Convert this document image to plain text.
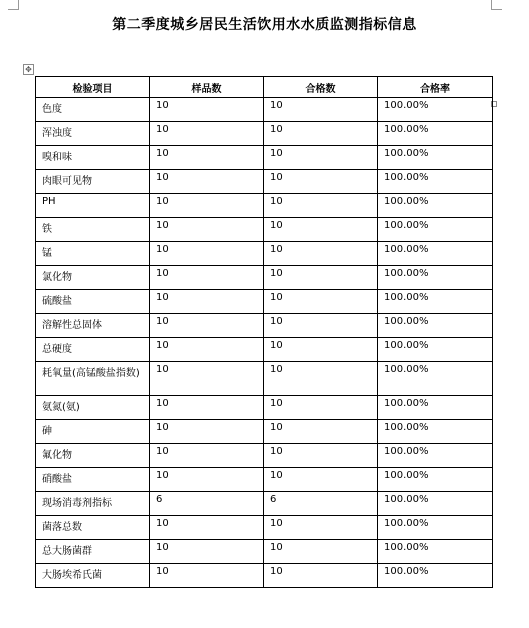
第二季度城乡居民生活饮用水水质监测指标信息
✥
检验项目	样品数	合格数	合格率
色度	10	10	100.00%
浑浊度	10	10	100.00%
嗅和味	10	10	100.00%
肉眼可见物	10	10	100.00%
PH	10	10	100.00%
铁	10	10	100.00%
锰	10	10	100.00%
氯化物	10	10	100.00%
硫酸盐	10	10	100.00%
溶解性总固体	10	10	100.00%
总硬度	10	10	100.00%
耗氧量(高锰酸盐指数)	10	10	100.00%
氨氮(氨)	10	10	100.00%
砷	10	10	100.00%
氟化物	10	10	100.00%
硝酸盐	10	10	100.00%
现场消毒剂指标	6	6	100.00%
菌落总数	10	10	100.00%
总大肠菌群	10	10	100.00%
大肠埃希氏菌	10	10	100.00%
